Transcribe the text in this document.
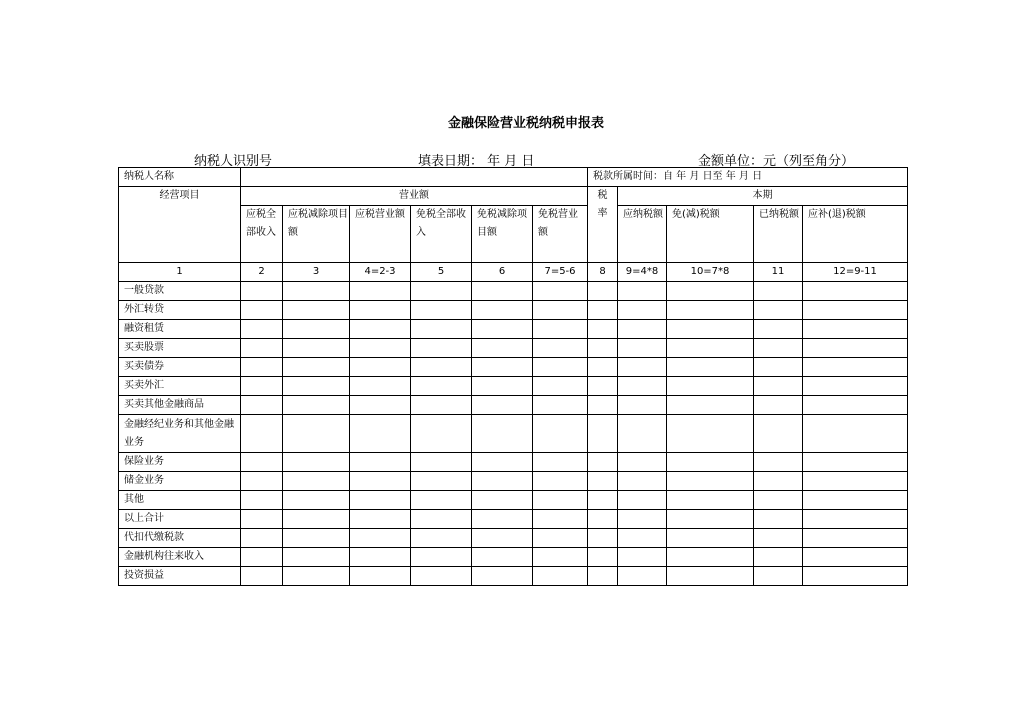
金融保险营业税纳税申报表
纳税人识别号	填表日期： 年 月 日	金额单位：元（列至角分）
纳税人名称							税款所属时间：自 年 月 日至 年 月 日				
经营项目	营业额						税率	本期			
	应税全部收入	应税减除项目额	应税营业额	免税全部收入	免税减除项目额	免税营业额		应纳税额	免(减)税额	已纳税额	应补(退)税额
1	2	3	4=2-3	5	6	7=5-6	8	9=4*8	10=7*8	11	12=9-11
一般贷款											
外汇转贷											
融资租赁											
买卖股票											
买卖债券											
买卖外汇											
买卖其他金融商品											
金融经纪业务和其他金融业务											
保险业务											
储金业务											
其他											
以上合计											
代扣代缴税款											
金融机构往来收入											
投资损益											
